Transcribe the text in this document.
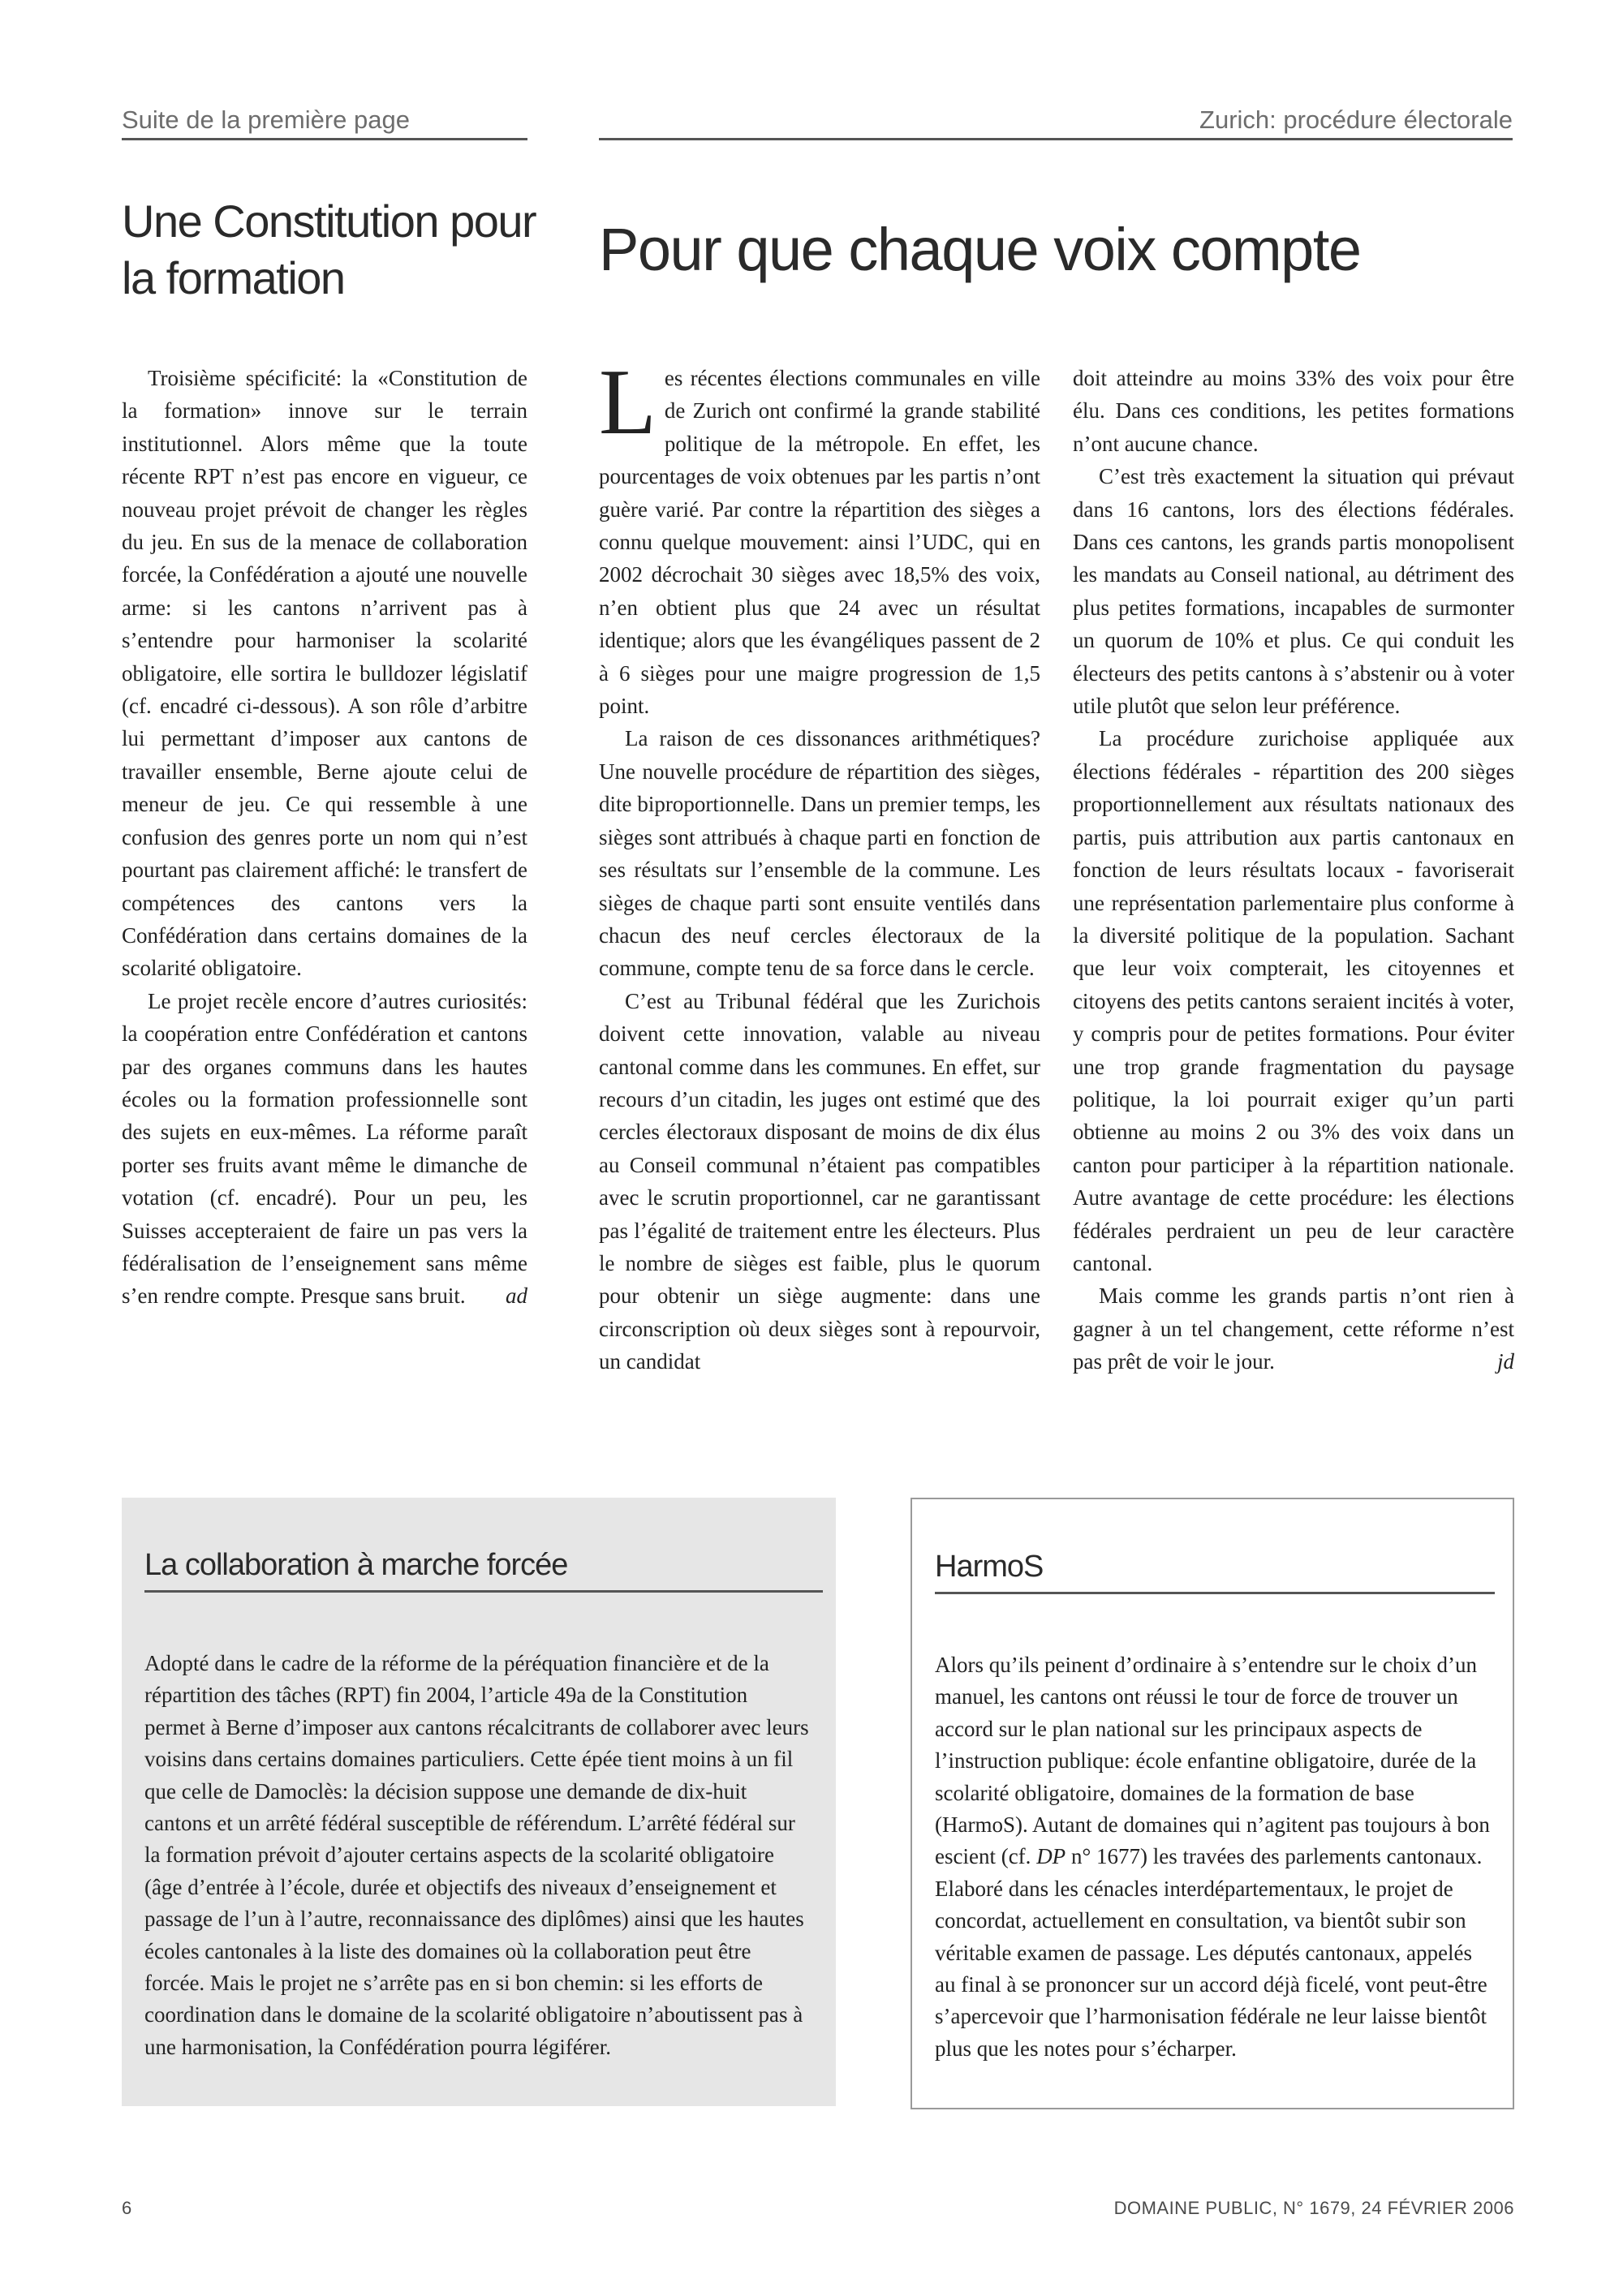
Suite de la première page	Zurich: procédure électorale
Une Constitution pour la formation	Pour que chaque voix compte

Troisième spécificité: la «Constitution de la formation» innove sur le terrain institutionnel. Alors même que la toute récente RPT n’est pas encore en vigueur, ce nouveau projet prévoit de changer les règles du jeu. En sus de la menace de collaboration forcée, la Confédération a ajouté une nouvelle arme: si les cantons n’arrivent pas à s’entendre pour harmoniser la scolarité obligatoire, elle sortira le bulldozer législatif (cf. encadré ci-dessous). A son rôle d’arbitre lui permettant d’imposer aux cantons de travailler ensemble, Berne ajoute celui de meneur de jeu. Ce qui ressemble à une confusion des genres porte un nom qui n’est pourtant pas clairement affiché: le transfert de compétences des cantons vers la Confédération dans certains domaines de la scolarité obligatoire.

Le projet recèle encore d’autres curiosités: la coopération entre Confédération et cantons par des organes communs dans les hautes écoles ou la formation professionnelle sont des sujets en eux-mêmes. La réforme paraît porter ses fruits avant même le dimanche de votation (cf. encadré). Pour un peu, les Suisses accepteraient de faire un pas vers la fédéralisation de l’enseignement sans même s’en rendre compte. Presque sans bruit.	ad

Les récentes élections communales en ville de Zurich ont confirmé la grande stabilité politique de la métropole. En effet, les pourcentages de voix obtenues par les partis n’ont guère varié. Par contre la répartition des sièges a connu quelque mouvement: ainsi l’UDC, qui en 2002 décrochait 30 sièges avec 18,5% des voix, n’en obtient plus que 24 avec un résultat identique; alors que les évangéliques passent de 2 à 6 sièges pour une maigre progression de 1,5 point.

La raison de ces dissonances arithmétiques? Une nouvelle procédure de répartition des sièges, dite biproportionnelle. Dans un premier temps, les sièges sont attribués à chaque parti en fonction de ses résultats sur l’ensemble de la commune. Les sièges de chaque parti sont ensuite ventilés dans chacun des neuf cercles électoraux de la commune, compte tenu de sa force dans le cercle.

C’est au Tribunal fédéral que les Zurichois doivent cette innovation, valable au niveau cantonal comme dans les communes. En effet, sur recours d’un citadin, les juges ont estimé que des cercles électoraux disposant de moins de dix élus au Conseil communal n’étaient pas compatibles avec le scrutin proportionnel, car ne garantissant pas l’égalité de traitement entre les électeurs. Plus le nombre de sièges est faible, plus le quorum pour obtenir un siège augmente: dans une circonscription où deux sièges sont à repourvoir, un candidat

doit atteindre au moins 33% des voix pour être élu. Dans ces conditions, les petites formations n’ont aucune chance.

C’est très exactement la situation qui prévaut dans 16 cantons, lors des élections fédérales. Dans ces cantons, les grands partis monopolisent les mandats au Conseil national, au détriment des plus petites formations, incapables de surmonter un quorum de 10% et plus. Ce qui conduit les électeurs des petits cantons à s’abstenir ou à voter utile plutôt que selon leur préférence.

La procédure zurichoise appliquée aux élections fédérales - répartition des 200 sièges proportionnellement aux résultats nationaux des partis, puis attribution aux partis cantonaux en fonction de leurs résultats locaux - favoriserait une représentation parlementaire plus conforme à la diversité politique de la population. Sachant que leur voix compterait, les citoyennes et citoyens des petits cantons seraient incités à voter, y compris pour de petites formations. Pour éviter une trop grande fragmentation du paysage politique, la loi pourrait exiger qu’un parti obtienne au moins 2 ou 3% des voix dans un canton pour participer à la répartition nationale. Autre avantage de cette procédure: les élections fédérales perdraient un peu de leur caractère cantonal.

Mais comme les grands partis n’ont rien à gagner à un tel changement, cette réforme n’est pas prêt de voir le jour.	jd

La collaboration à marche forcée

Adopté dans le cadre de la réforme de la péréquation financière et de la répartition des tâches (RPT) fin 2004, l’article 49a de la Constitution permet à Berne d’imposer aux cantons récalcitrants de collaborer avec leurs voisins dans certains domaines particuliers. Cette épée tient moins à un fil que celle de Damoclès: la décision suppose une demande de dix-huit cantons et un arrêté fédéral susceptible de référendum. L’arrêté fédéral sur la formation prévoit d’ajouter certains aspects de la scolarité obligatoire (âge d’entrée à l’école, durée et objectifs des niveaux d’enseignement et passage de l’un à l’autre, reconnaissance des diplômes) ainsi que les hautes écoles cantonales à la liste des domaines où la collaboration peut être forcée. Mais le projet ne s’arrête pas en si bon chemin: si les efforts de coordination dans le domaine de la scolarité obligatoire n’aboutissent pas à une harmonisation, la Confédération pourra légiférer.

HarmoS

Alors qu’ils peinent d’ordinaire à s’entendre sur le choix d’un manuel, les cantons ont réussi le tour de force de trouver un accord sur le plan national sur les principaux aspects de l’instruction publique: école enfantine obligatoire, durée de la scolarité obligatoire, domaines de la formation de base (HarmoS). Autant de domaines qui n’agitent pas toujours à bon escient (cf. DP n° 1677) les travées des parlements cantonaux. Elaboré dans les cénacles interdépartementaux, le projet de concordat, actuellement en consultation, va bientôt subir son véritable examen de passage. Les députés cantonaux, appelés au final à se prononcer sur un accord déjà ficelé, vont peut-être s’apercevoir que l’harmonisation fédérale ne leur laisse bientôt plus que les notes pour s’écharper.

6	DOMAINE PUBLIC, N° 1679, 24 FÉVRIER 2006
